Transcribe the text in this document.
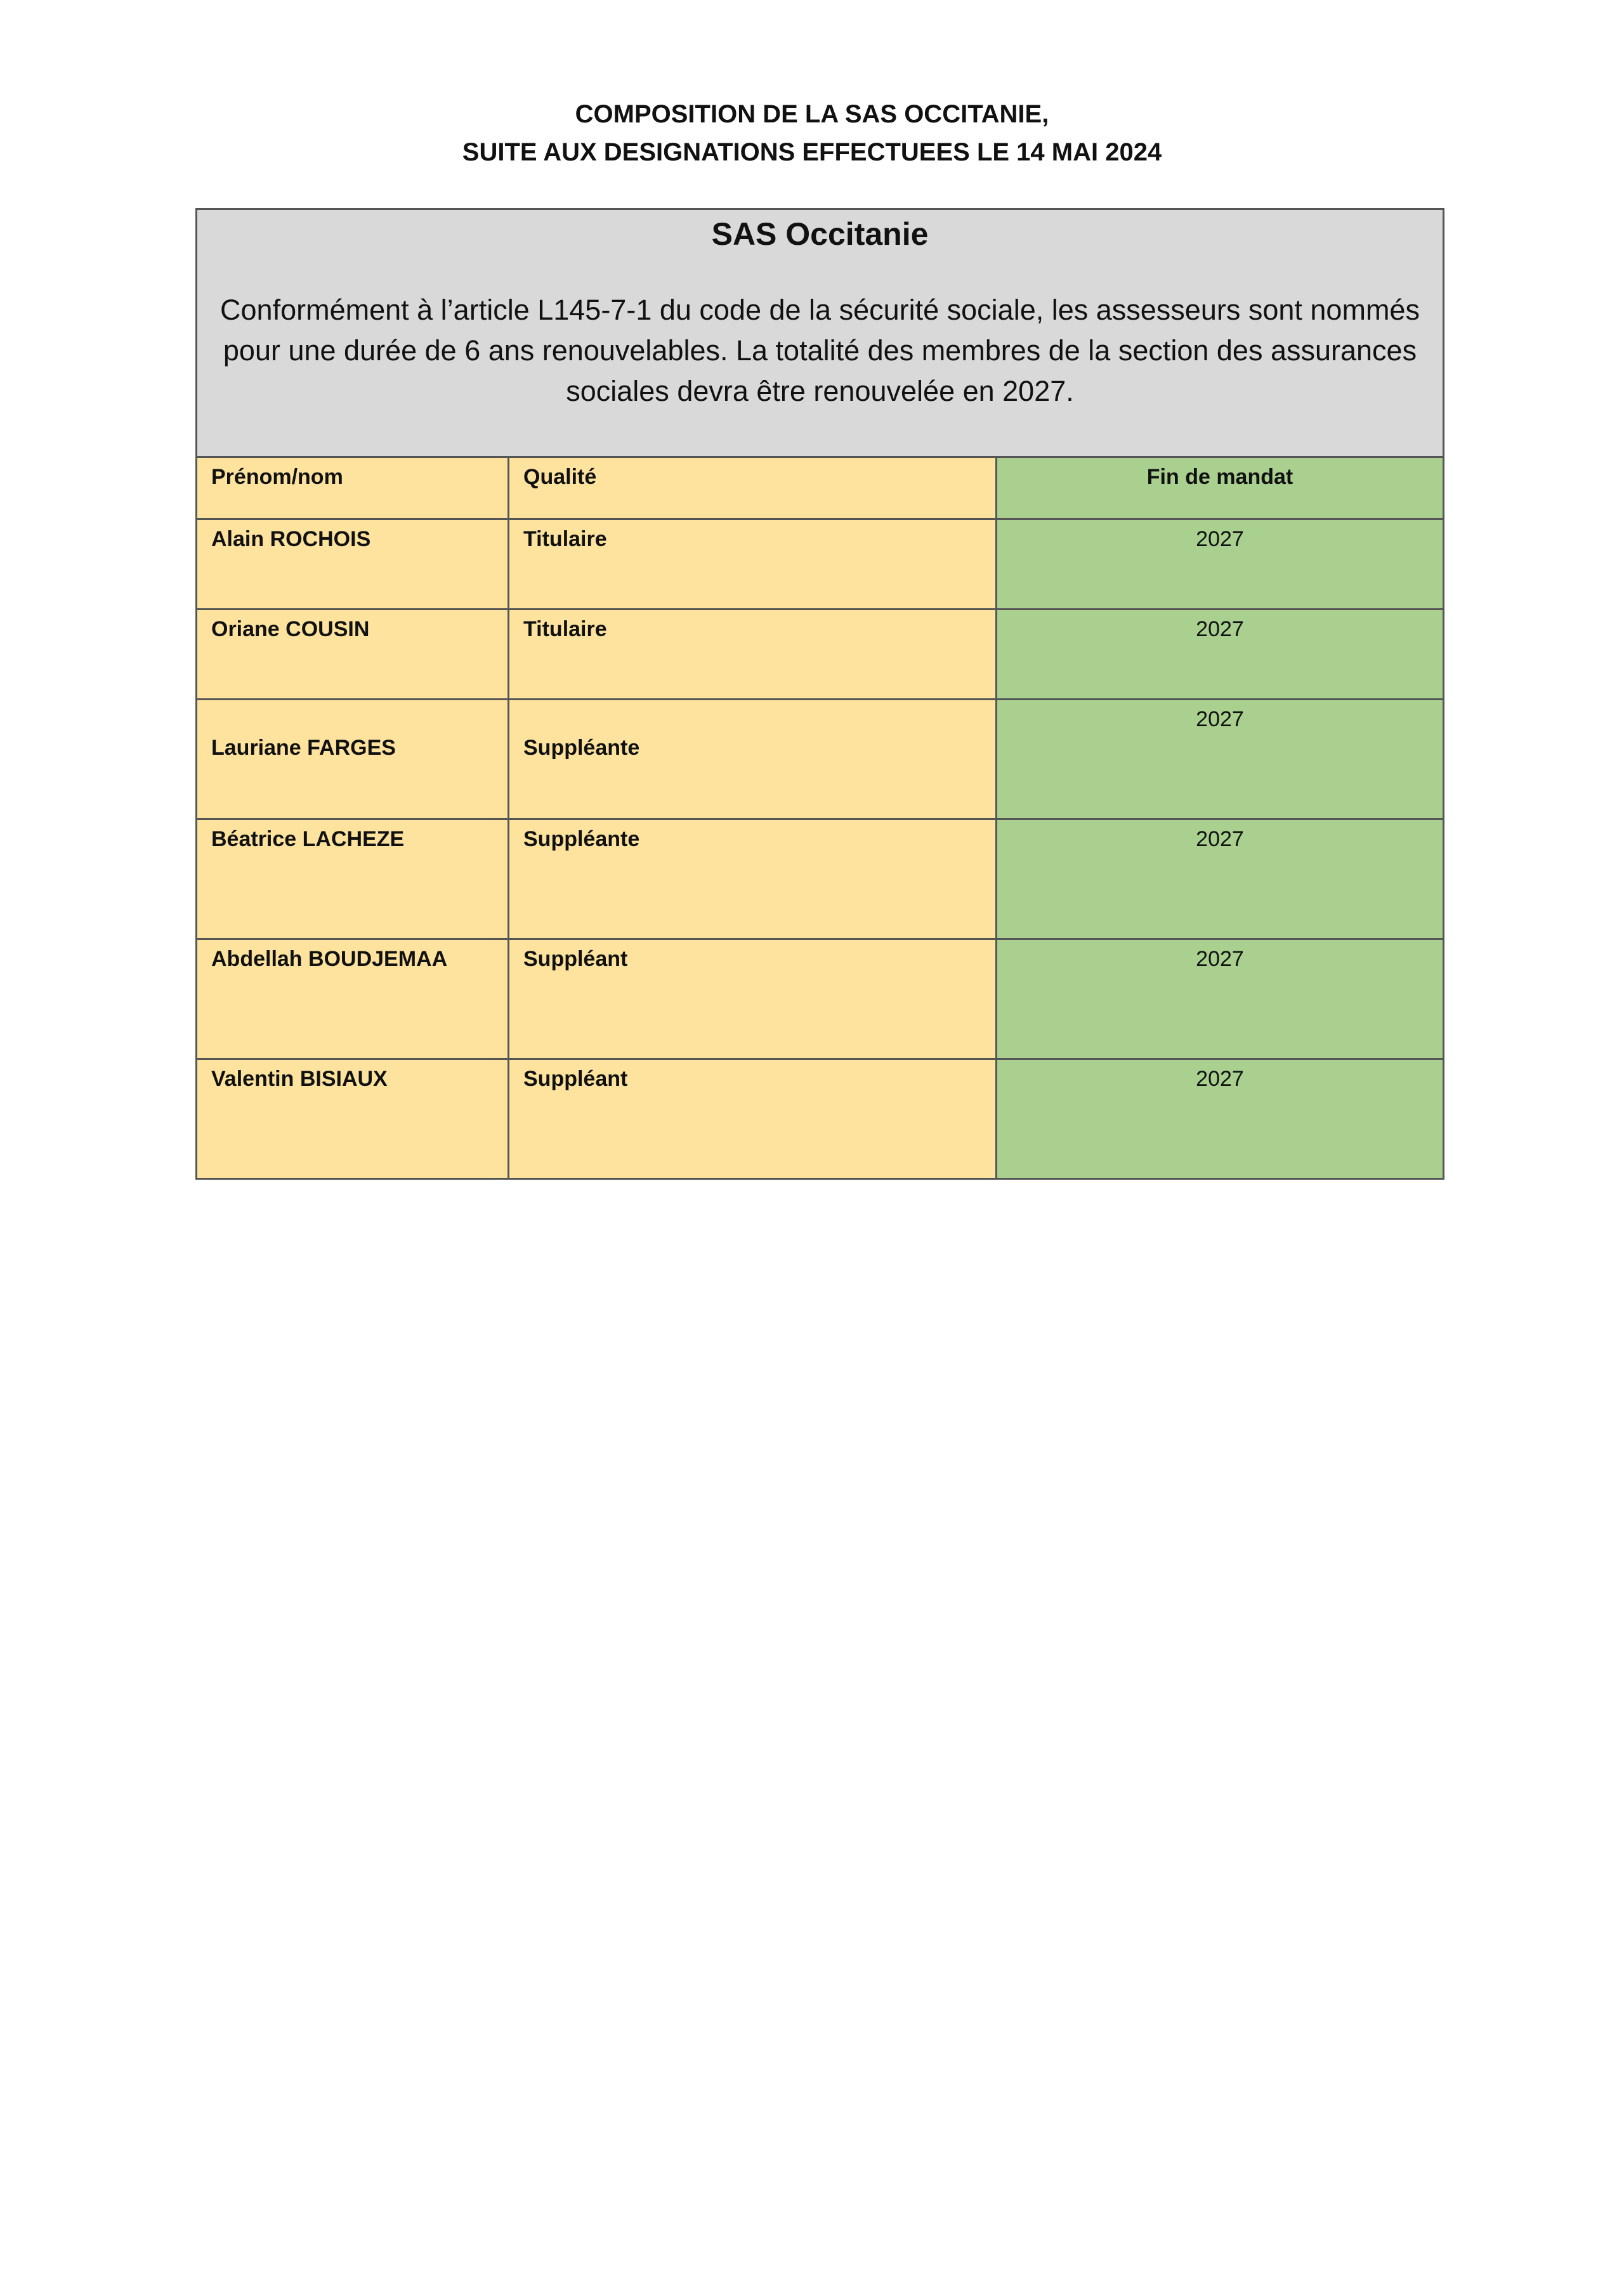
COMPOSITION DE LA SAS OCCITANIE,
SUITE AUX DESIGNATIONS EFFECTUEES LE 14 MAI 2024
SAS Occitanie
Conformément à l’article L145-7-1 du code de la sécurité sociale, les assesseurs sont nommés pour une durée de 6 ans renouvelables. La totalité des membres de la section des assurances sociales devra être renouvelée en 2027.		

Prénom/nom	Qualité	Fin de mandat

Alain ROCHOIS	Titulaire	2027

Oriane COUSIN	Titulaire	2027

Lauriane FARGES	Suppléante	2027

Béatrice LACHEZE	Suppléante	2027

Abdellah BOUDJEMAA	Suppléant	2027

Valentin BISIAUX	Suppléant	2027
